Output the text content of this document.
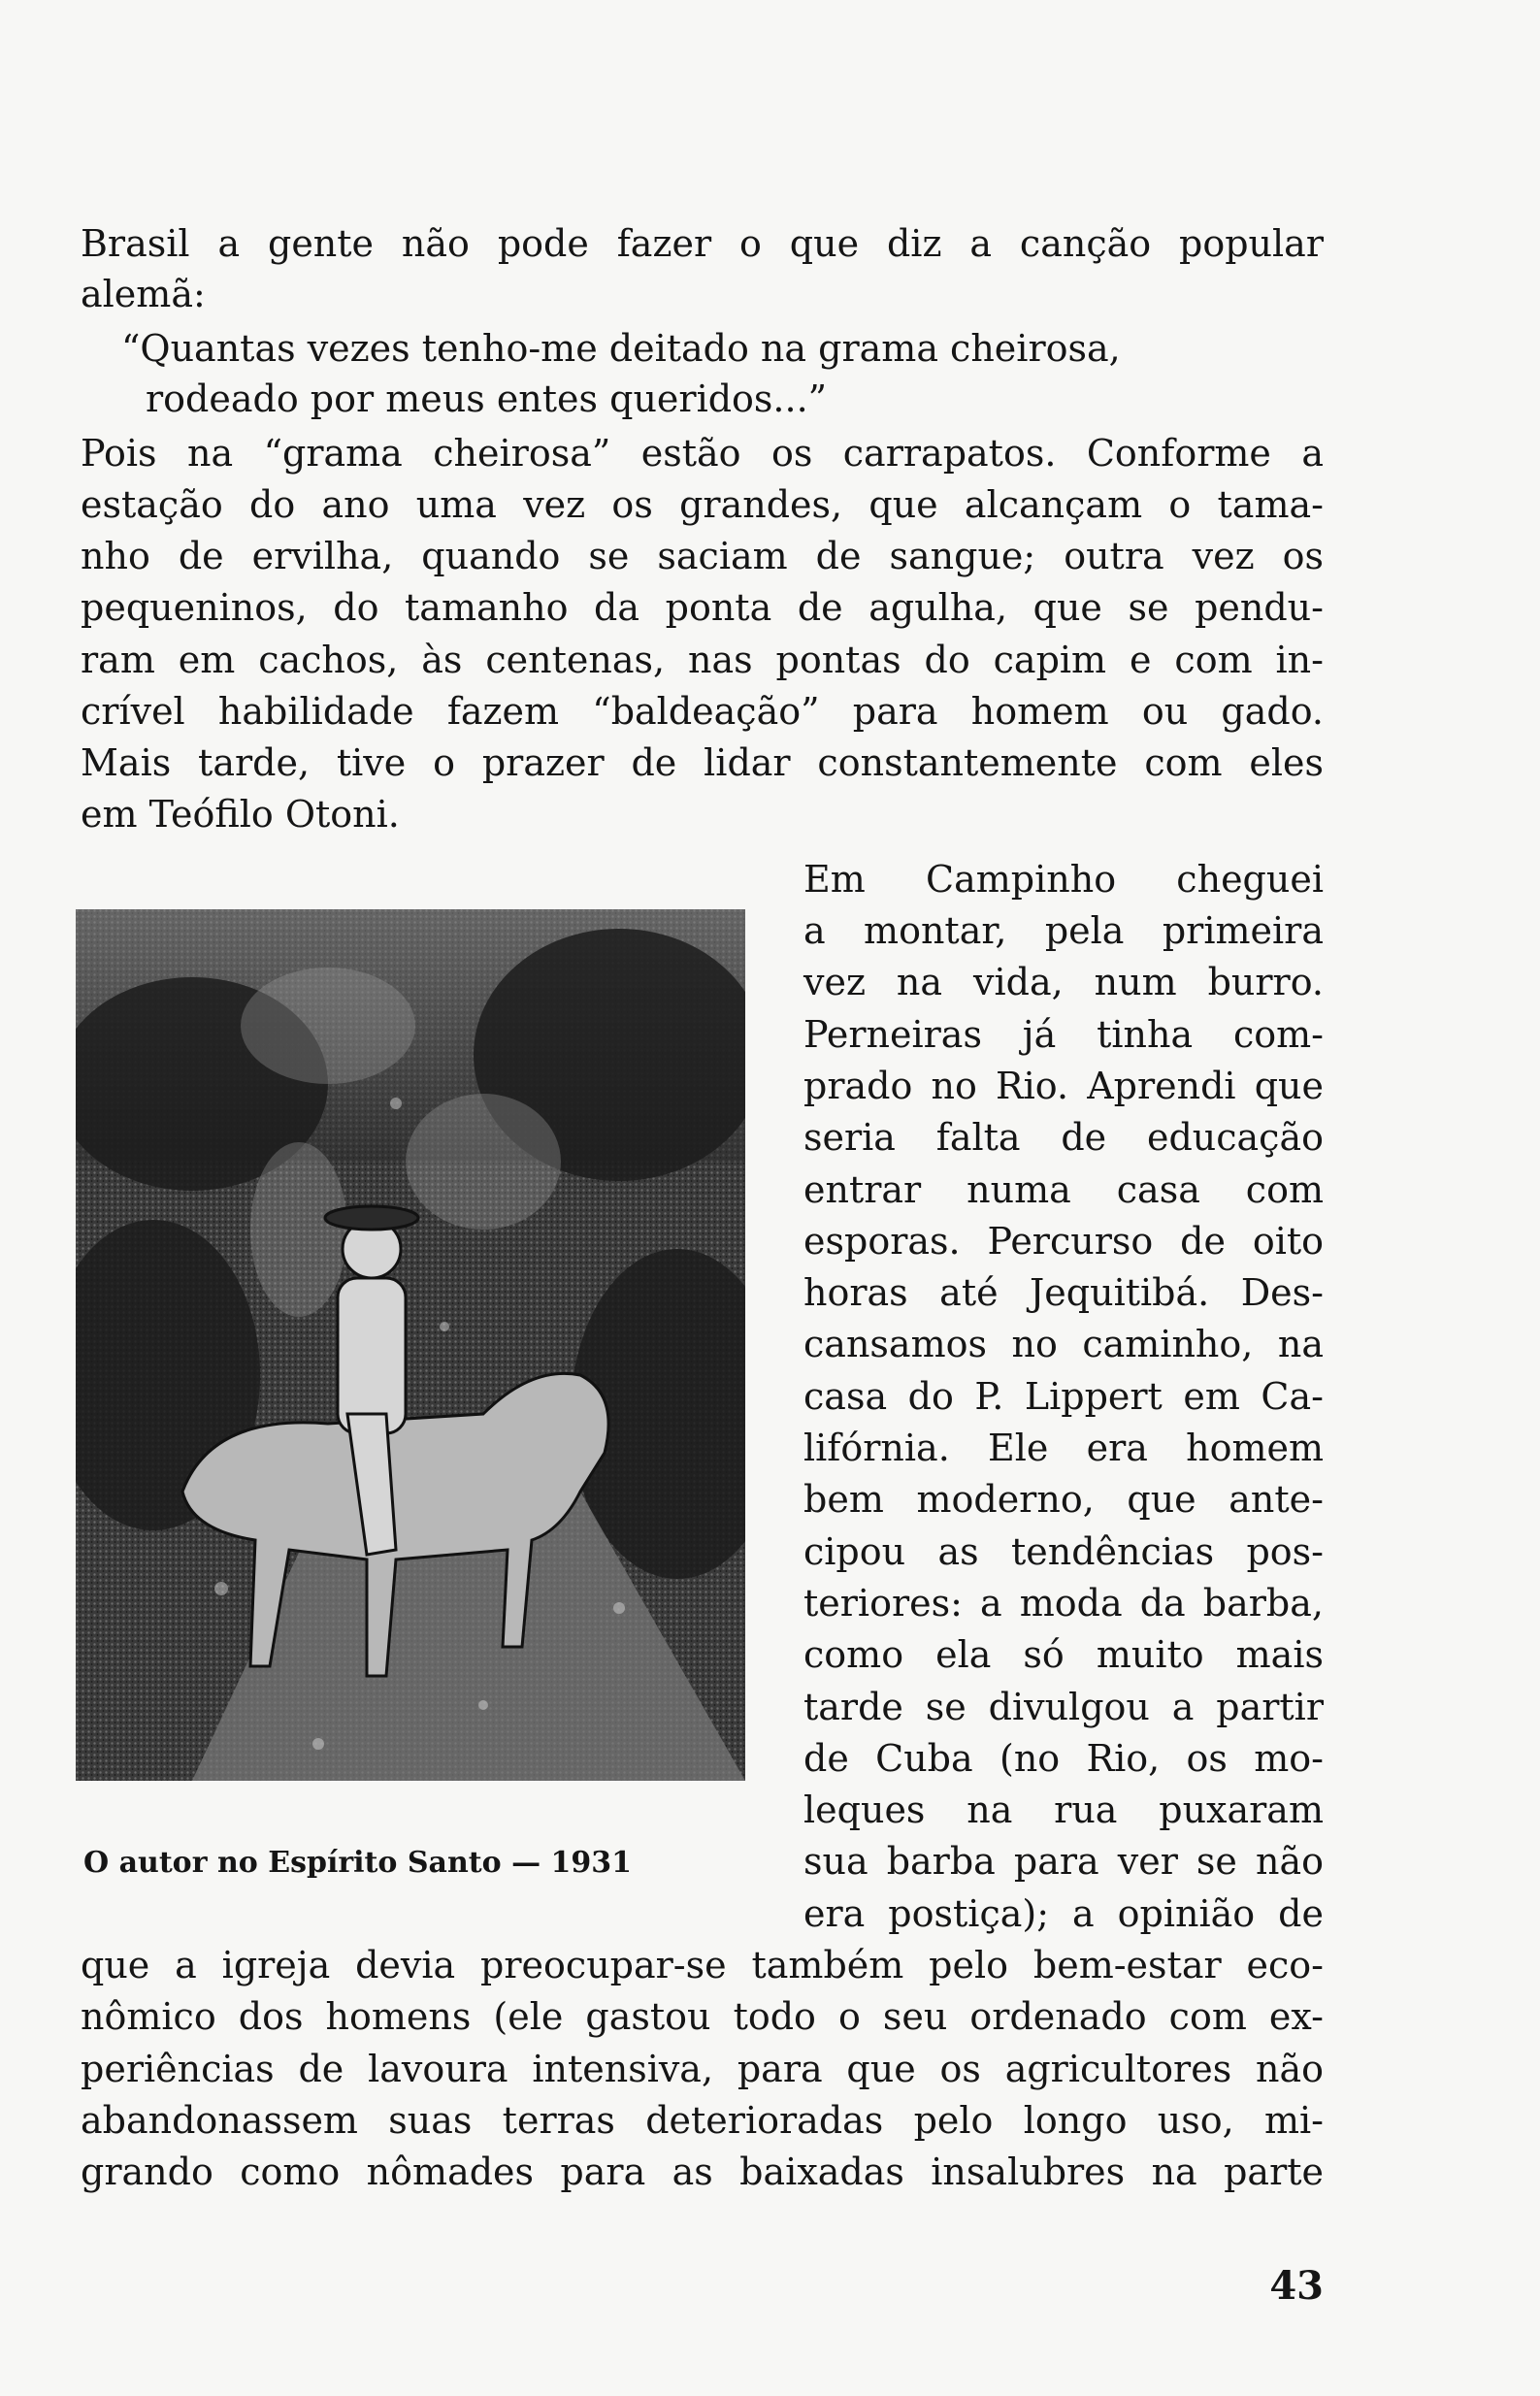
Brasil a gente não pode fazer o que diz a canção popular
alemã:
“Quantas vezes tenho-me deitado na grama cheirosa,
rodeado por meus entes queridos...”
Pois na “grama cheirosa” estão os carrapatos. Conforme a
estação do ano uma vez os grandes, que alcançam o tama-
nho de ervilha, quando se saciam de sangue; outra vez os
pequeninos, do tamanho da ponta de agulha, que se pendu-
ram em cachos, às centenas, nas pontas do capim e com in-
crível habilidade fazem “baldeação” para homem ou gado.
Mais tarde, tive o prazer de lidar constantemente com eles
em Teófilo Otoni.
O autor no Espírito Santo — 1931
Em Campinho cheguei
a montar, pela primeira
vez na vida, num burro.
Perneiras já tinha com-
prado no Rio. Aprendi que
seria falta de educação
entrar numa casa com
esporas. Percurso de oito
horas até Jequitibá. Des-
cansamos no caminho, na
casa do P. Lippert em Ca-
lifórnia. Ele era homem
bem moderno, que ante-
cipou as tendências pos-
teriores: a moda da barba,
como ela só muito mais
tarde se divulgou a partir
de Cuba (no Rio, os mo-
leques na rua puxaram
sua barba para ver se não
era postiça); a opinião de
que a igreja devia preocupar-se também pelo bem-estar eco-
nômico dos homens (ele gastou todo o seu ordenado com ex-
periências de lavoura intensiva, para que os agricultores não
abandonassem suas terras deterioradas pelo longo uso, mi-
grando como nômades para as baixadas insalubres na parte
43
